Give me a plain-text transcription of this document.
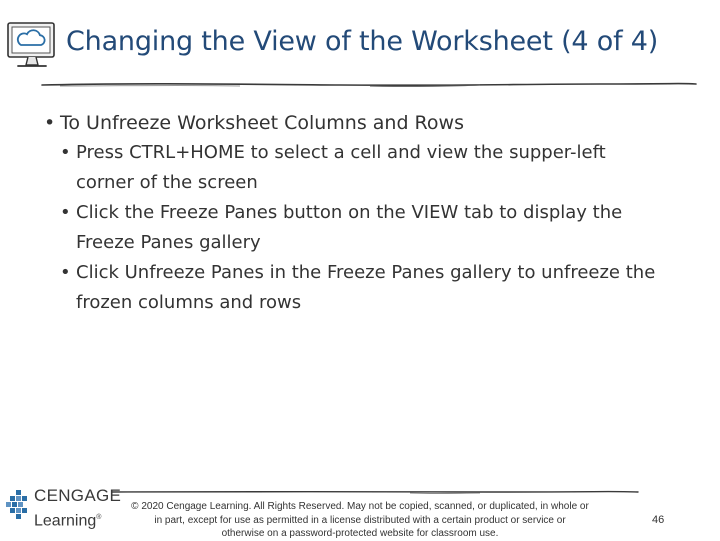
Changing the View of the Worksheet (4 of 4)
• To Unfreeze Worksheet Columns and Rows
• Press CTRL+HOME to select a cell and view the supper-left
corner of the screen
• Click the Freeze Panes button on the VIEW tab to display the
Freeze Panes gallery
• Click Unfreeze Panes in the Freeze Panes gallery to unfreeze the
frozen columns and rows
CENGAGE
Learning®
© 2020 Cengage Learning. All Rights Reserved. May not be copied, scanned, or duplicated, in whole or
in part, except for use as permitted in a license distributed with a certain product or service or
otherwise on a password-protected website for classroom use.
46
